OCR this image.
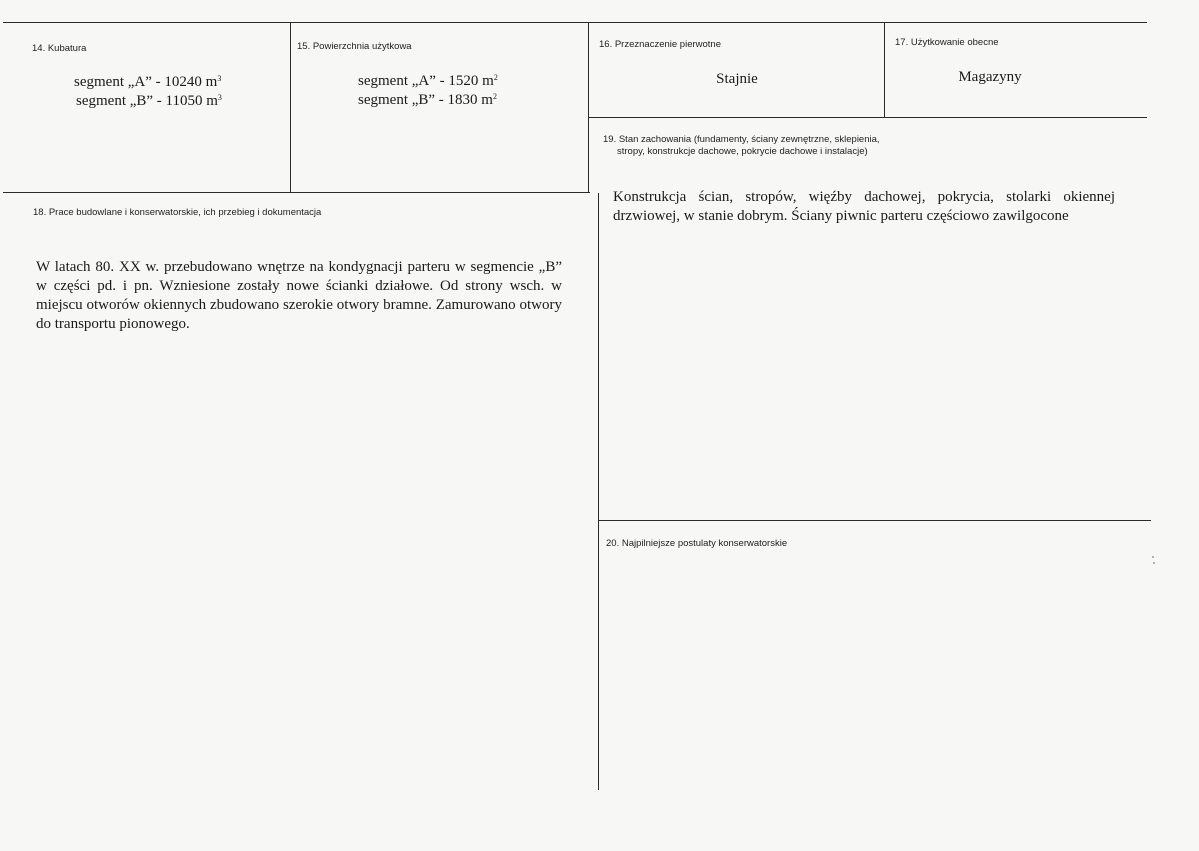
14. Kubatura
segment „A” - 10240 $m^3$
segment „B” - 11050 $m^3$
15. Powierzchnia użytkowa
segment „A” - 1520 $m^2$
segment „B” - 1830 $m^2$
16. Przeznaczenie pierwotne
Stajnie
17. Użytkowanie obecne
Magazyny
19. Stan zachowania (fundamenty, ściany zewnętrzne, sklepienia,
stropy, konstrukcje dachowe, pokrycie dachowe i instalacje)
Konstrukcja ścian, stropów, więźby dachowej, pokrycia, stolarki okiennej drzwiowej, w stanie dobrym. Ściany piwnic parteru częściowo zawilgocone
18. Prace budowlane i konserwatorskie, ich przebieg i dokumentacja
W latach 80. XX w. przebudowano wnętrze na kondygnacji parteru w segmencie „B” w części pd. i pn. Wzniesione zostały nowe ścianki działowe. Od strony wsch. w miejscu otworów okiennych zbudowano szerokie otwory bramne. Zamurowano otwory do transportu pionowego.
20. Najpilniejsze postulaty konserwatorskie
